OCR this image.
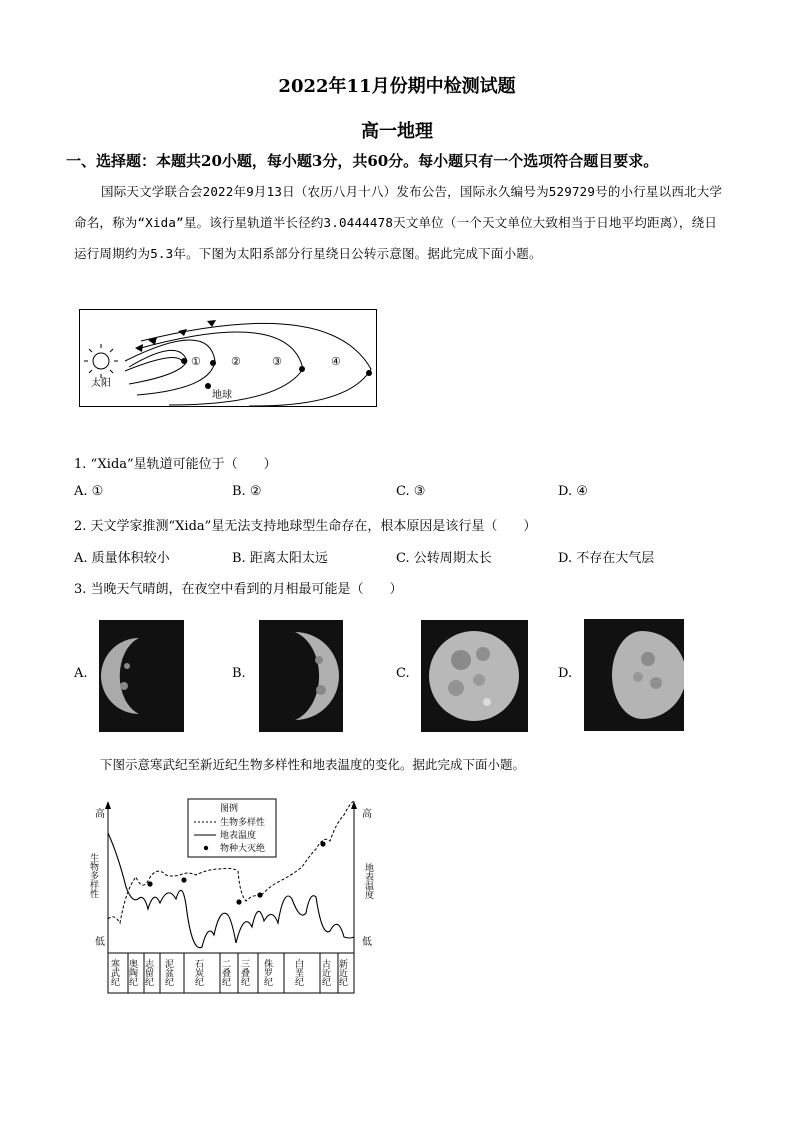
2022年11月份期中检测试题
高一地理
一、选择题：本题共20小题，每小题3分，共60分。每小题只有一个选项符合题目要求。
国际天文学联合会2022年9月13日（农历八月十八）发布公告，国际永久编号为529729号的小行星以西北大学命名，称为“Xida”星。该行星轨道半长径约3.0444478天文单位（一个天文单位大致相当于日地平均距离），绕日运行周期约为5.3年。下图为太阳系部分行星绕日公转示意图。据此完成下面小题。
太阳
①	②	③	④
地球
1. “Xida”星轨道可能位于（　　）
A. ①	B. ②	C. ③	D. ④
2. 天文学家推测“Xida”星无法支持地球型生命存在，根本原因是该行星（　　）
A. 质量体积较小	B. 距离太阳太远	C. 公转周期太长	D. 不存在大气层
3. 当晚天气晴朗，在夜空中看到的月相最可能是（　　）
A.	B.	C.	D.
下图示意寒武纪至新近纪生物多样性和地表温度的变化。据此完成下面小题。
高
低
生物多样性
高
低
地表温度
图例
生物多样性
地表温度
物种大灭绝
寒武纪 奥陶纪 志留纪 泥盆纪 石炭纪 二叠纪 三叠纪 侏罗纪 白垩纪 古近纪 新近纪
